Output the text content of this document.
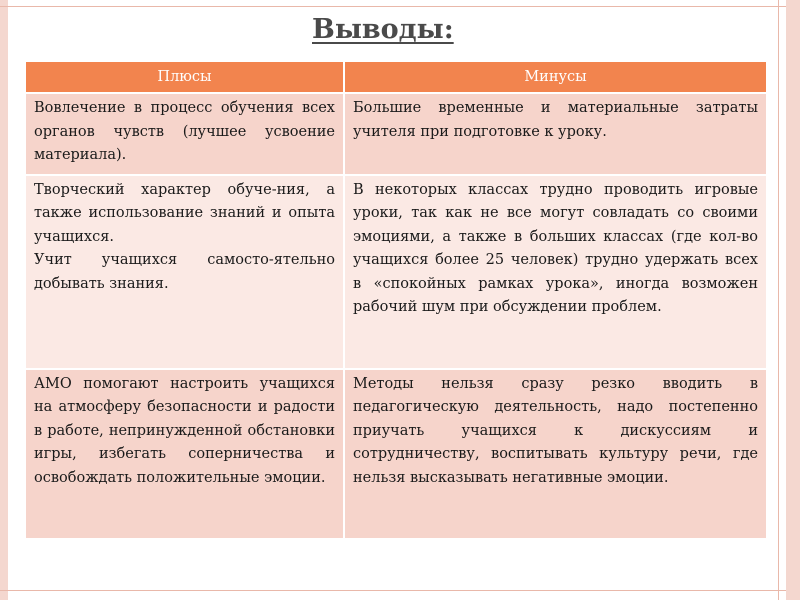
Выводы:
Плюсы	Минусы

Вовлечение в процесс обучения всех органов чувств (лучшее усвоение материала).	Большие временные и материальные затраты учителя при подготовке к уроку.

Творческий характер обуче-ния, а также использование знаний и опыта учащихся.
Учит учащихся самосто-ятельно добывать знания.	В некоторых классах трудно проводить игровые уроки, так как не все могут совладать со своими эмоциями, а также в больших классах (где кол-во учащихся более 25 человек) трудно удержать всех в «спокойных рамках урока», иногда возможен рабочий шум при обсуждении проблем.

АМО помогают настроить учащихся на атмосферу безопасности и радости в работе, непринужденной обстановки игры, избегать соперничества и освобождать положительные эмоции.	Методы нельзя сразу резко вводить в педагогическую деятельность, надо постепенно приучать учащихся к дискуссиям и сотрудничеству, воспитывать культуру речи, где нельзя высказывать негативные эмоции.
